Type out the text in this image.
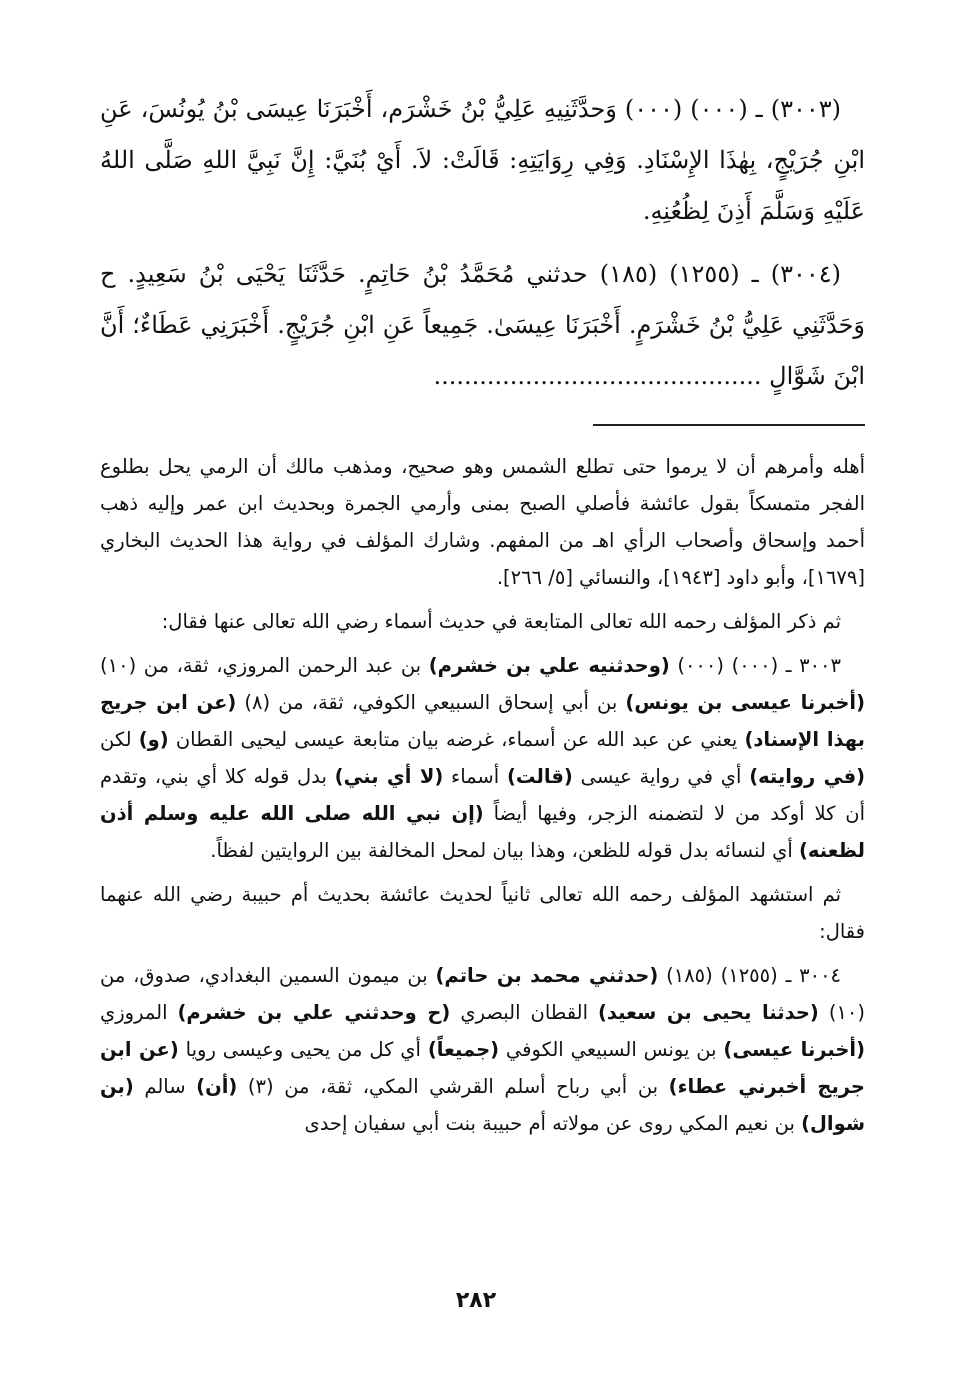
(٣٠٠٣) ـ (٠٠٠) (٠٠٠) وَحدَّثَنِيهِ عَلِيُّ بْنُ خَشْرَم، أَخْبَرَنَا عِيسَى بْنُ يُونُسَ، عَنِ ابْنِ جُرَيْجٍ، بِهٰذَا الإِسْنَادِ. وَفِي رِوَايَتِهِ: قَالَتْ: لاَ. أَيْ بُنَيَّ: إِنَّ نَبِيَّ اللهِ صَلَّى اللهُ عَلَيْهِ وَسَلَّمَ أَذِنَ لِظُعُنِهِ.

(٣٠٠٤) ـ (١٢٥٥) (١٨٥) حدثني مُحَمَّدُ بْنُ حَاتِمٍ. حَدَّثَنَا يَحْيَى بْنُ سَعِيدٍ. ح وَحَدَّثَنِي عَلِيُّ بْنُ خَشْرَمٍ. أَخْبَرَنَا عِيسَىٰ. جَمِيعاً عَنِ ابْنِ جُرَيْجٍ. أَخْبَرَنِي عَطَاءٌ؛ أَنَّ ابْنَ شَوَّالٍ ...........................................

أهله وأمرهم أن لا يرموا حتى تطلع الشمس وهو صحيح، ومذهب مالك أن الرمي يحل بطلوع الفجر متمسكاً بقول عائشة فأصلي الصبح بمنى وأرمي الجمرة وبحديث ابن عمر وإليه ذهب أحمد وإسحاق وأصحاب الرأي اهـ من المفهم. وشارك المؤلف في رواية هذا الحديث البخاري [١٦٧٩]، وأبو داود [١٩٤٣]، والنسائي [٥/ ٢٦٦].

ثم ذكر المؤلف رحمه الله تعالى المتابعة في حديث أسماء رضي الله تعالى عنها فقال:

٣٠٠٣ ـ (٠٠٠) (٠٠٠) (وحدثنيه علي بن خشرم) بن عبد الرحمن المروزي، ثقة، من (١٠) (أخبرنا عيسى بن يونس) بن أبي إسحاق السبيعي الكوفي، ثقة، من (٨) (عن ابن جريج بهذا الإسناد) يعني عن عبد الله عن أسماء، غرضه بيان متابعة عيسى ليحيى القطان (و) لكن (في روايته) أي في رواية عيسى (قالت) أسماء (لا أي بني) بدل قوله كلا أي بني، وتقدم أن كلا أوكد من لا لتضمنه الزجر، وفيها أيضاً (إن نبي الله صلى الله عليه وسلم أذن لظعنه) أي لنسائه بدل قوله للظعن، وهذا بيان لمحل المخالفة بين الروايتين لفظاً.

ثم استشهد المؤلف رحمه الله تعالى ثانياً لحديث عائشة بحديث أم حبيبة رضي الله عنهما فقال:

٣٠٠٤ ـ (١٢٥٥) (١٨٥) (حدثني محمد بن حاتم) بن ميمون السمين البغدادي، صدوق، من (١٠) (حدثنا يحيى بن سعيد) القطان البصري (ح وحدثني علي بن خشرم) المروزي (أخبرنا عيسى) بن يونس السبيعي الكوفي (جميعاً) أي كل من يحيى وعيسى رويا (عن ابن جريج أخبرني عطاء) بن أبي رباح أسلم القرشي المكي، ثقة، من (٣) (أن) سالم (بن شوال) بن نعيم المكي روى عن مولاته أم حبيبة بنت أبي سفيان إحدى

٢٨٢
